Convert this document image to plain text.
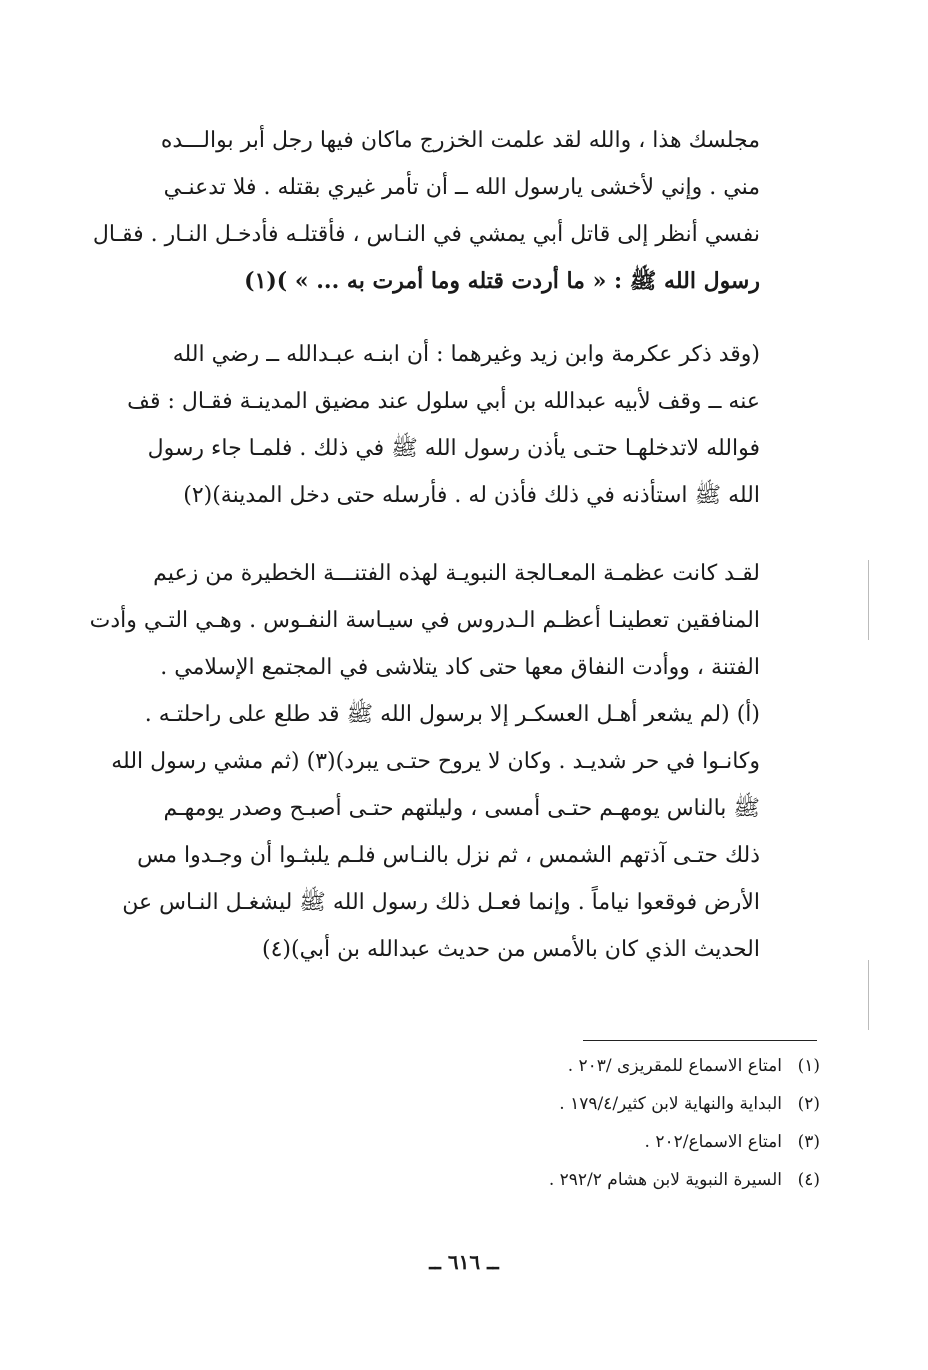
مجلسك هذا ، والله لقد علمت الخزرج ماكان فيها رجل أبر بوالـــده
مني . وإني لأخشى يارسول الله ــ أن تأمر غيري بقتله . فلا تدعنـي
نفسي أنظر إلى قاتل أبي يمشي في النـاس ، فأقتلـه فأدخـل النـار . فقـال
رسول الله ﷺ : « ما أردت قتله وما أمرت به ... » )(١)
(وقد ذكر عكرمة وابن زيد وغيرهما : أن ابنـه عبـدالله ــ رضي الله
عنه ــ وقف لأبيه عبدالله بن أبي سلول عند مضيق المدينـة فقـال : قف
فوالله لاتدخلهـا حتـى يأذن رسول الله ﷺ في ذلك . فلمـا جاء رسول
الله ﷺ استأذنه في ذلك فأذن له . فأرسله حتى دخل المدينة)(٢)
لقـد كانت عظمـة المعـالجة النبويـة لهذه الفتنـــة الخطيرة من زعيم
المنافقين تعطينـا أعظـم الـدروس في سيـاسة النفـوس . وهـي التـي وأدت
الفتنة ، ووأدت النفاق معها حتى كاد يتلاشى في المجتمع الإسلامي .
(أ) (لم يشعر أهـل العسكـر إلا برسول الله ﷺ قد طلع على راحلتـه .
وكانـوا في حر شديـد . وكان لا يروح حتـى يبرد)(٣) (ثم مشي رسول الله
ﷺ بالناس يومهـم حتـى أمسى ، وليلتهم حتـى أصبـح وصدر يومهـم
ذلك حتـى آذتهم الشمس ، ثم نزل بالنـاس فلـم يلبثـوا أن وجـدوا مس
الأرض فوقعوا نياماً . وإنما فعـل ذلك رسول الله ﷺ ليشغـل النـاس عن
الحديث الذي كان بالأمس من حديث عبدالله بن أبي)(٤)
(١)
امتاع الاسماع للمقريزى /٢٠٣ .
(٢)
البداية والنهاية لابن كثير/١٧٩/٤ .
(٣)
امتاع الاسماع/٢٠٢ .
(٤)
السيرة النبوية لابن هشام ٢٩٢/٢ .
ــ ٦١٦ ــ
